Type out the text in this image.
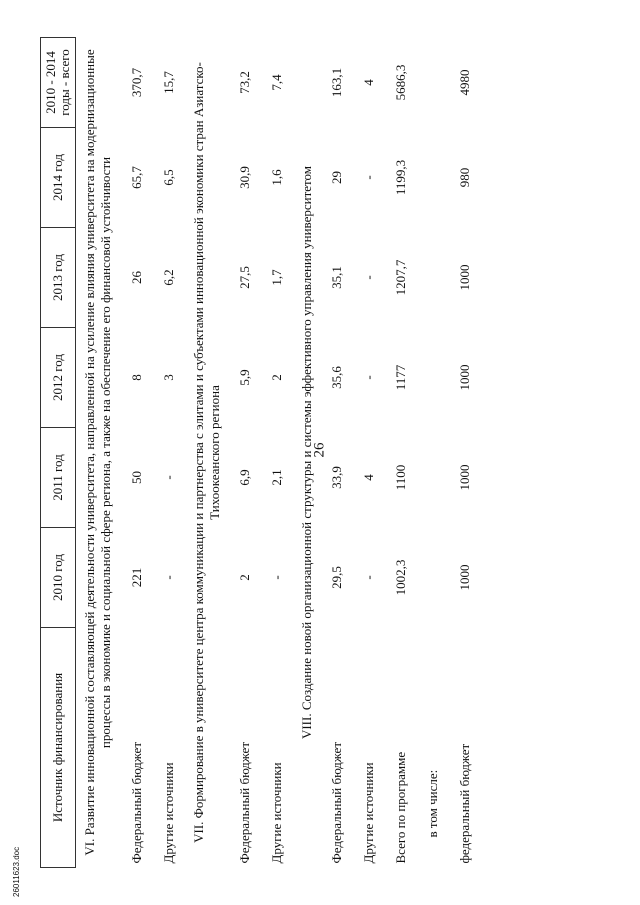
26
Источник финансирования	2010 год	2011 год	2012 год	2013 год	2014 год	2010 - 2014 годы - всего
VI. Развитие инновационной составляющей деятельности университета, направленной на усиление влияния университета на модернизационные процессы в экономике и социальной сфере региона, а также на обеспечение его финансовой устойчивости						
Федеральный бюджет	221	50	8	26	65,7	370,7
Другие источники	-	-	3	6,2	6,5	15,7
VII. Формирование в университете центра коммуникации и партнерства с элитами и субъектами инновационной экономики стран Азиатско-Тихоокеанского региона						
Федеральный бюджет	2	6,9	5,9	27,5	30,9	73,2
Другие источники	-	2,1	2	1,7	1,6	7,4
VIII. Создание новой организационной структуры и системы эффективного управления университетом						
Федеральный бюджет	29,5	33,9	35,6	35,1	29	163,1
Другие источники	-	4	-	-	-	4
Всего по программе	1002,3	1100	1177	1207,7	1199,3	5686,3
в том числе:						
федеральный бюджет	1000	1000	1000	1000	980	4980
26011623.doc
